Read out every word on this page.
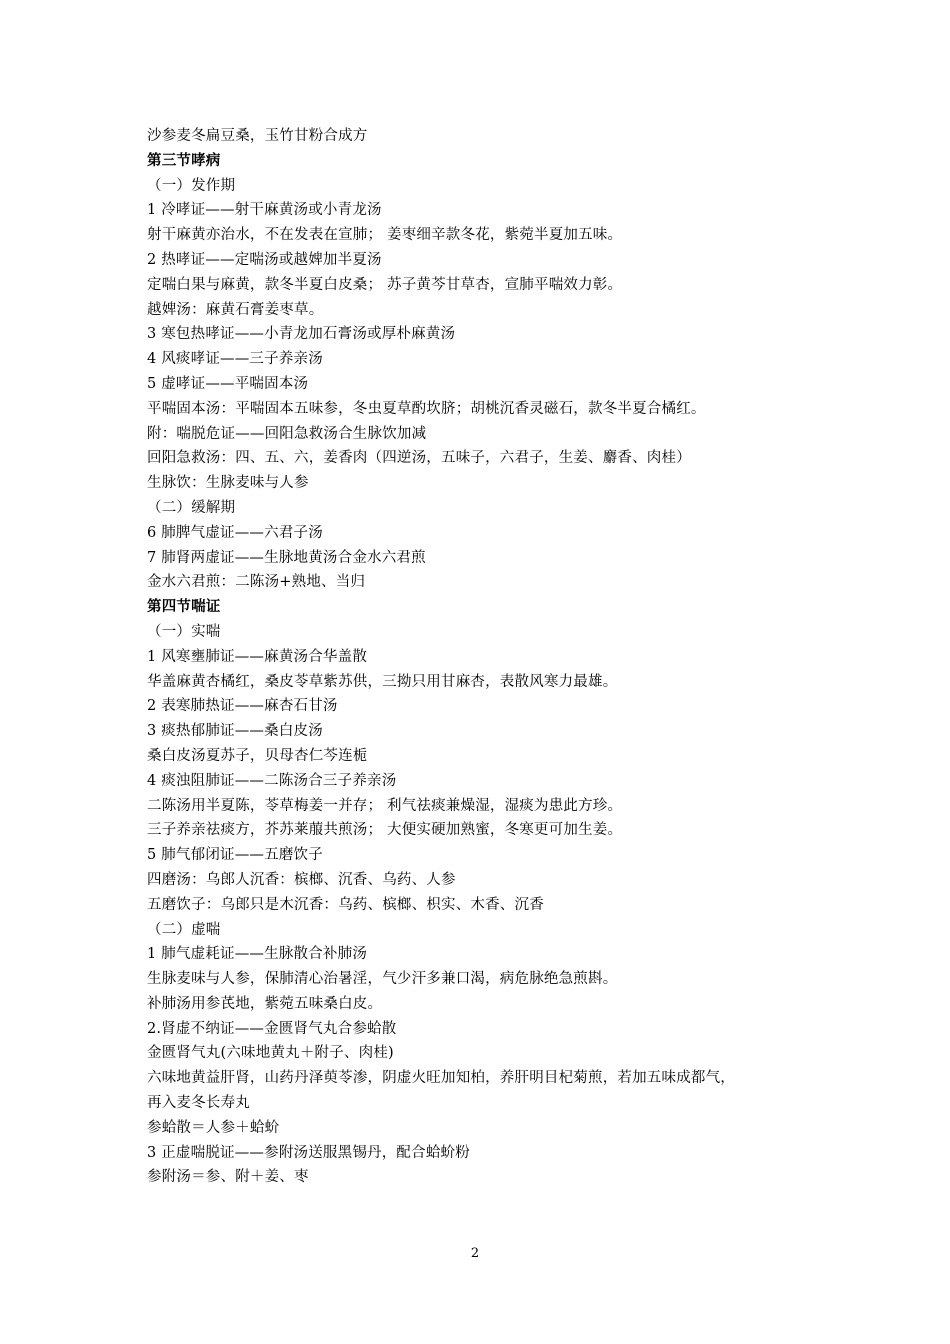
沙参麦冬扁豆桑，玉竹甘粉合成方
第三节哮病
（一）发作期
1 冷哮证——射干麻黄汤或小青龙汤
射干麻黄亦治水，不在发表在宣肺； 姜枣细辛款冬花，紫菀半夏加五味。
2 热哮证——定喘汤或越婢加半夏汤
定喘白果与麻黄，款冬半夏白皮桑； 苏子黄芩甘草杏，宣肺平喘效力彰。
越婢汤：麻黄石膏姜枣草。
3 寒包热哮证——小青龙加石膏汤或厚朴麻黄汤
4 风痰哮证——三子养亲汤
5 虚哮证——平喘固本汤
平喘固本汤：平喘固本五味参，冬虫夏草酌坎脐；胡桃沉香灵磁石，款冬半夏合橘红。
附：喘脱危证——回阳急救汤合生脉饮加减
回阳急救汤：四、五、六，姜香肉（四逆汤，五味子，六君子，生姜、麝香、肉桂）
生脉饮：生脉麦味与人参
（二）缓解期
6 肺脾气虚证——六君子汤
7 肺肾两虚证——生脉地黄汤合金水六君煎
金水六君煎：二陈汤+熟地、当归
第四节喘证
（一）实喘
1 风寒壅肺证——麻黄汤合华盖散
华盖麻黄杏橘红，桑皮苓草紫苏供，三拗只用甘麻杏，表散风寒力最雄。
2 表寒肺热证——麻杏石甘汤
3 痰热郁肺证——桑白皮汤
桑白皮汤夏苏子，贝母杏仁芩连栀
4 痰浊阻肺证——二陈汤合三子养亲汤
二陈汤用半夏陈，苓草梅姜一并存； 利气祛痰兼燥湿，湿痰为患此方珍。
三子养亲祛痰方，芥苏莱菔共煎汤； 大便实硬加熟蜜，冬寒更可加生姜。
5 肺气郁闭证——五磨饮子
四磨汤：乌郎人沉香：槟榔、沉香、乌药、人参
五磨饮子：乌郎只是木沉香：乌药、槟榔、枳实、木香、沉香
（二）虚喘
1 肺气虚耗证——生脉散合补肺汤
生脉麦味与人参，保肺清心治暑淫，气少汗多兼口渴，病危脉绝急煎斟。
补肺汤用参芪地，紫菀五味桑白皮。
2.肾虚不纳证——金匮肾气丸合参蛤散
金匮肾气丸(六味地黄丸＋附子、肉桂)
六味地黄益肝肾，山药丹泽萸苓渗，阴虚火旺加知柏，养肝明目杞菊煎，若加五味成都气，
再入麦冬长寿丸
参蛤散＝人参＋蛤蚧
3 正虚喘脱证——参附汤送服黑锡丹，配合蛤蚧粉
参附汤＝参、附＋姜、枣
2
